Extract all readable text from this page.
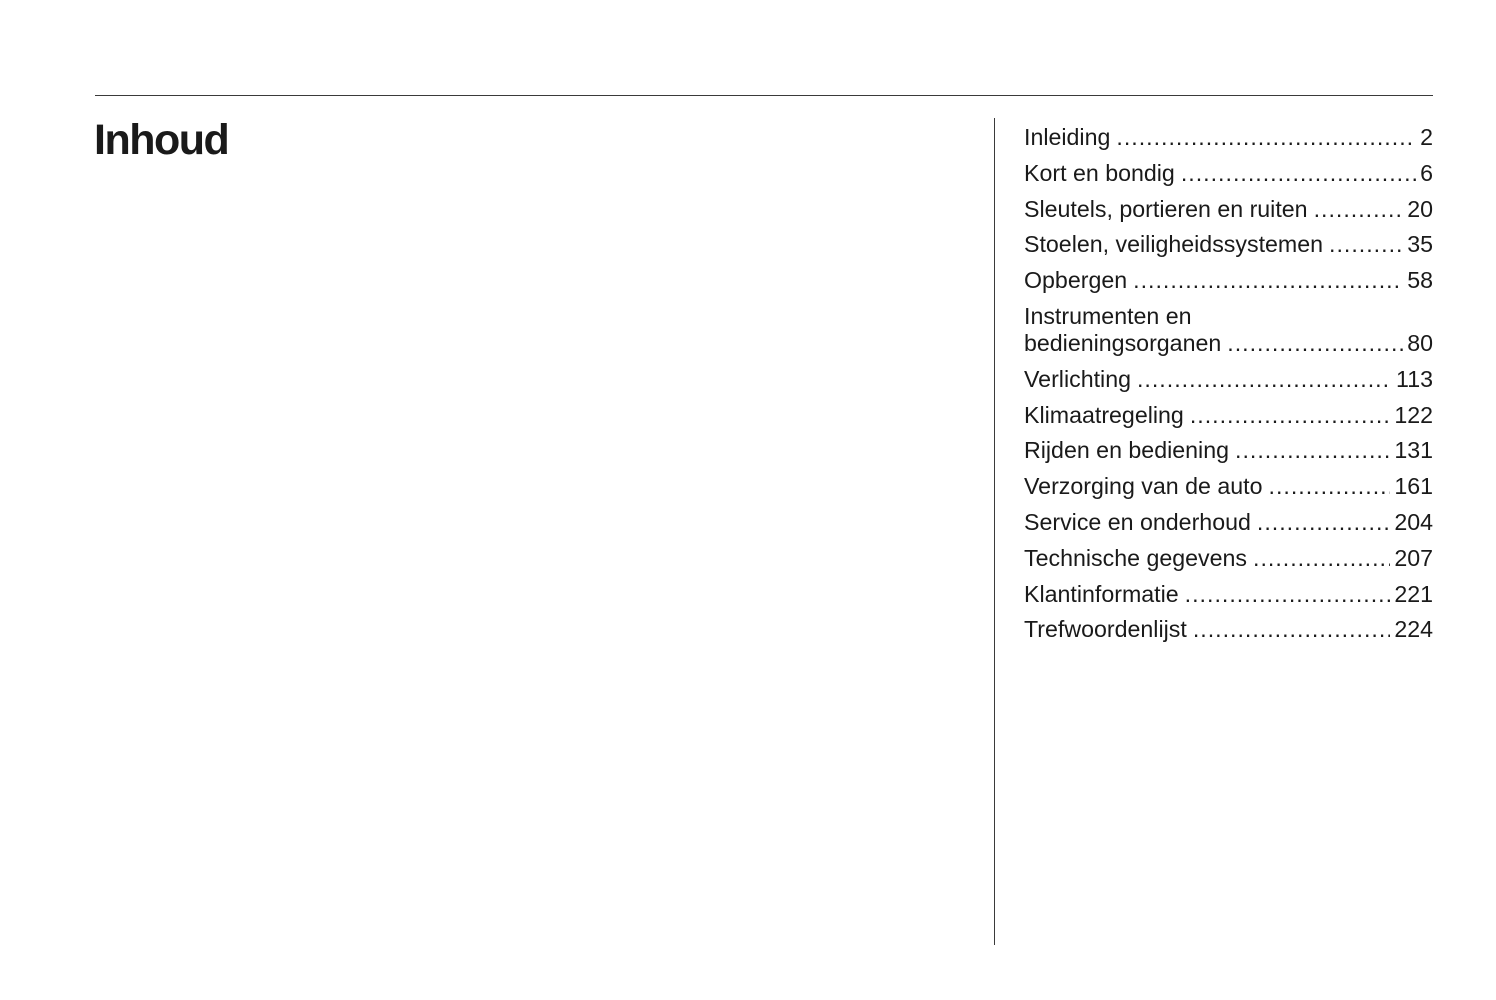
Inhoud	Inleiding .....	2
Kort en bondig .....	6
Sleutels, portieren en ruiten .....	20
Stoelen, veiligheidssystemen .....	35
Opbergen .....	58
Instrumenten en
bedieningsorganen .....	80
Verlichting .....	113
Klimaatregeling .....	122
Rijden en bediening .....	131
Verzorging van de auto .....	161
Service en onderhoud .....	204
Technische gegevens .....	207
Klantinformatie .....	221
Trefwoordenlijst .....	224
